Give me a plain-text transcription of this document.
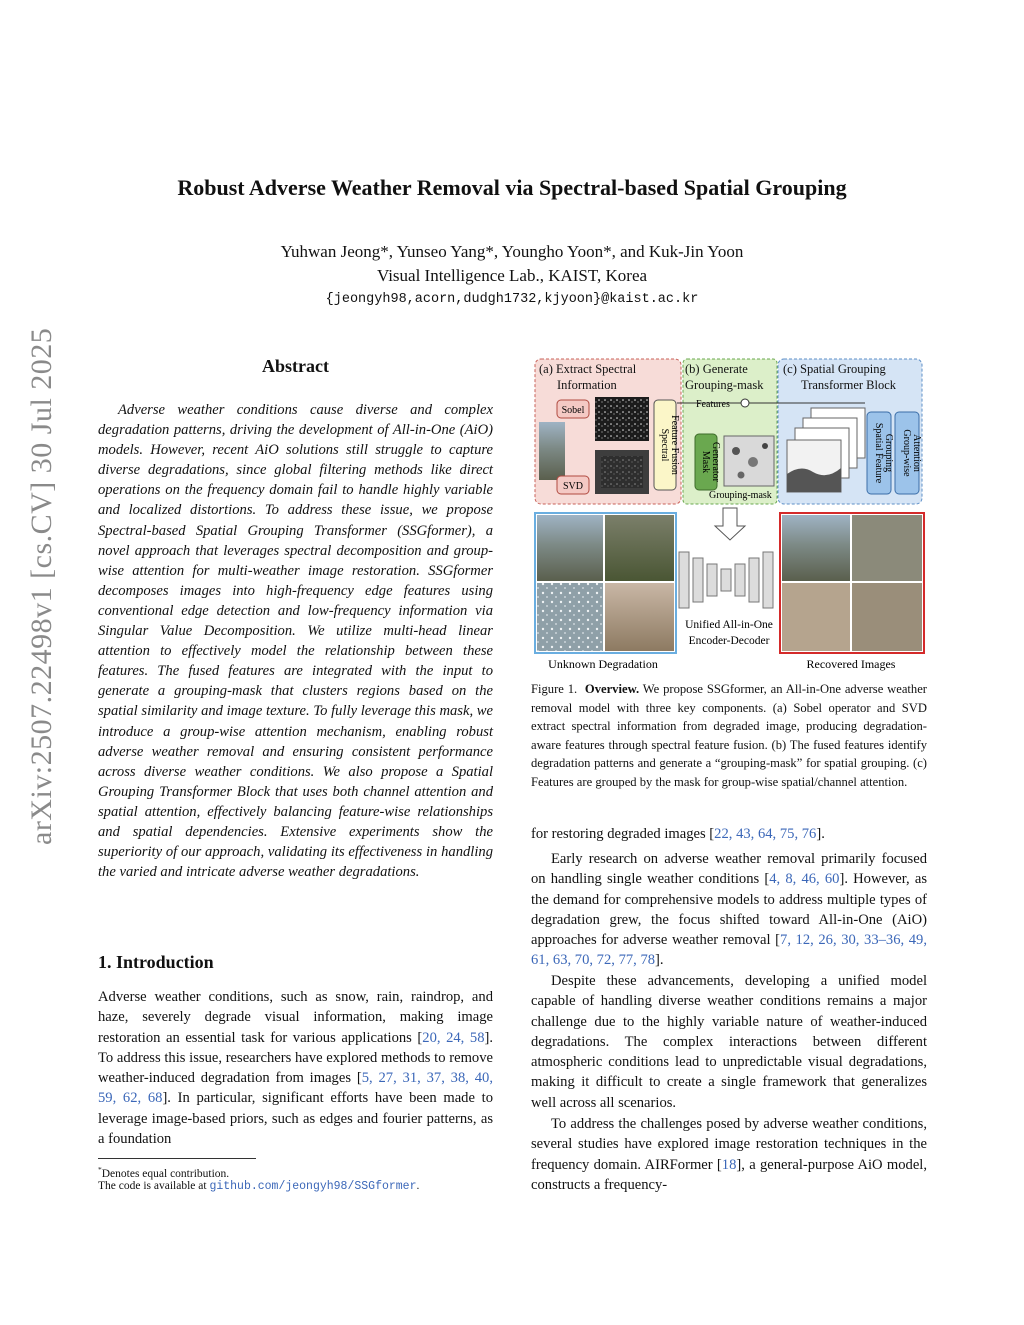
arXiv:2507.22498v1 [cs.CV] 30 Jul 2025
Robust Adverse Weather Removal via Spectral-based Spatial Grouping
Yuhwan Jeong*, Yunseo Yang*, Youngho Yoon*, and Kuk-Jin Yoon
Visual Intelligence Lab., KAIST, Korea
{jeongyh98,acorn,dudgh1732,kjyoon}@kaist.ac.kr
Abstract
Adverse weather conditions cause diverse and complex degradation patterns, driving the development of All-in-One (AiO) models. However, recent AiO solutions still struggle to capture diverse degradations, since global filtering methods like direct operations on the frequency domain fail to handle highly variable and localized distortions. To address these issue, we propose Spectral-based Spatial Grouping Transformer (SSGformer), a novel approach that leverages spectral decomposition and group-wise attention for multi-weather image restoration. SSGformer decomposes images into high-frequency edge features using conventional edge detection and low-frequency information via Singular Value Decomposition. We utilize multi-head linear attention to effectively model the relationship between these features. The fused features are integrated with the input to generate a grouping-mask that clusters regions based on the spatial similarity and image texture. To fully leverage this mask, we introduce a group-wise attention mechanism, enabling robust adverse weather removal and ensuring consistent performance across diverse weather conditions. We also propose a Spatial Grouping Transformer Block that uses both channel attention and spatial attention, effectively balancing feature-wise relationships and spatial dependencies. Extensive experiments show the superiority of our approach, validating its effectiveness in handling the varied and intricate adverse weather degradations.
1. Introduction
Adverse weather conditions, such as snow, rain, raindrop, and haze, severely degrade visual information, making image restoration an essential task for various applications [20, 24, 58]. To address this issue, researchers have explored methods to remove weather-induced degradation from images [5, 27, 31, 37, 38, 40, 59, 62, 68]. In particular, significant efforts have been made to leverage image-based priors, such as edges and fourier patterns, as a foundation
*Denotes equal contribution.
The code is available at github.com/jeongyh98/SSGformer.
(a) Extract Spectral
Information
(b) Generate
Grouping-mask
(c) Spatial Grouping
Transformer Block
Sobel
SVD
Spectral Feature Fusion
Features
Mask Generator
Grouping-mask
Spatial Feature Grouping Group-wise Attention
Unified All-in-One
Encoder-Decoder
Unknown Degradation	Recovered Images
Figure 1. Overview. We propose SSGformer, an All-in-One adverse weather removal model with three key components. (a) Sobel operator and SVD extract spectral information from degraded image, producing degradation-aware features through spectral feature fusion. (b) The fused features identify degradation patterns and generate a “grouping-mask” for spatial grouping. (c) Features are grouped by the mask for group-wise spatial/channel attention.
for restoring degraded images [22, 43, 64, 75, 76].
Early research on adverse weather removal primarily focused on handling single weather conditions [4, 8, 46, 60]. However, as the demand for comprehensive models to address multiple types of degradation grew, the focus shifted toward All-in-One (AiO) approaches for adverse weather removal [7, 12, 26, 30, 33–36, 49, 61, 63, 70, 72, 77, 78].
Despite these advancements, developing a unified model capable of handling diverse weather conditions remains a major challenge due to the highly variable nature of weather-induced degradations. The complex interactions between different atmospheric conditions lead to unpredictable visual degradations, making it difficult to create a single framework that generalizes well across all scenarios.
To address the challenges posed by adverse weather conditions, several studies have explored image restoration techniques in the frequency domain. AIRFormer [18], a general-purpose AiO model, constructs a frequency-
